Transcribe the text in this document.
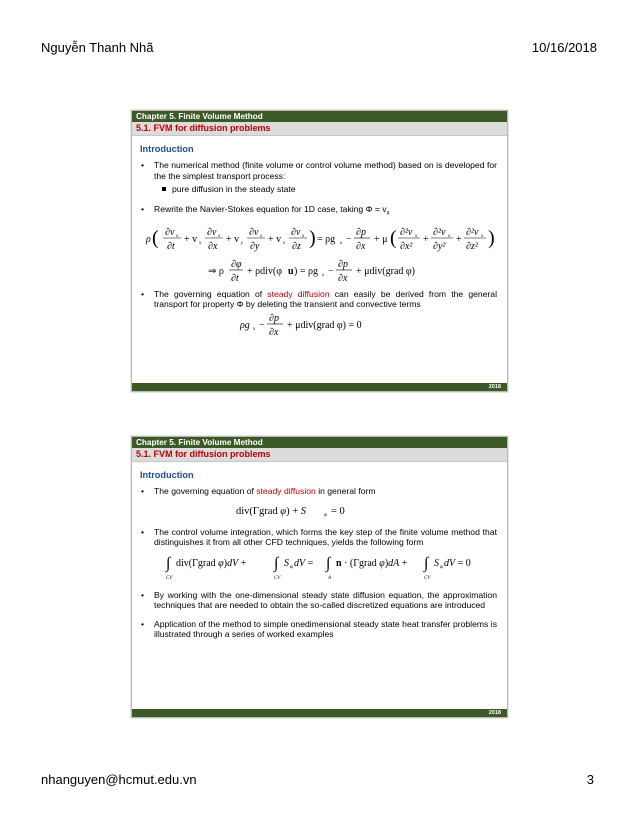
Nguyễn Thanh Nhã	10/16/2018
Chapter 5. Finite Volume Method
5.1. FVM for diffusion problems
Introduction
• The numerical method (finite volume or control volume method) based on is developed for the the simplest transport process:
pure diffusion in the steady state
• Rewrite the Navier-Stokes equation for 1D case, taking $\Phi = v_x$
ρ ( ∂v x
∂t
+ v x
∂v x
∂x
+ v y
∂v x
∂y
+ v z
∂v x
∂z ) = ρg x −
∂p
∂x
+ μ ( ∂²v x
∂x²
+
∂²v x
∂y²
+
∂²v x
∂z² )
⇒ ρ
∂φ
∂t
+ ρdiv(φ u ) = ρg x −
∂p
∂x
+ μdiv(grad φ)
• The governing equation of steady diffusion can easily be derived from the general transport for property Φ by deleting the transient and convective terms
ρg x −
∂p
∂x
+ μdiv(grad φ) = 0
2018
Chapter 5. Finite Volume Method
5.1. FVM for diffusion problems
Introduction
• The governing equation of steady diffusion in general form
div(Γgrad φ) + S	φ = 0
• The control volume integration, which forms the key step of the finite volume method that distinguishes it from all other CFD techniques, yields the following form
∫
CV
div(Γgrad φ)dV + ∫
CV
S φ dV = ∫
A
n · (Γgrad φ)dA + ∫
CV
S φ dV = 0
• By working with the one-dimensional steady state diffusion equation, the approximation techniques that are needed to obtain the so-called discretized equations are introduced
• Application of the method to simple onedimensional steady state heat transfer problems is illustrated through a series of worked examples
2018
nhanguyen@hcmut.edu.vn	3
